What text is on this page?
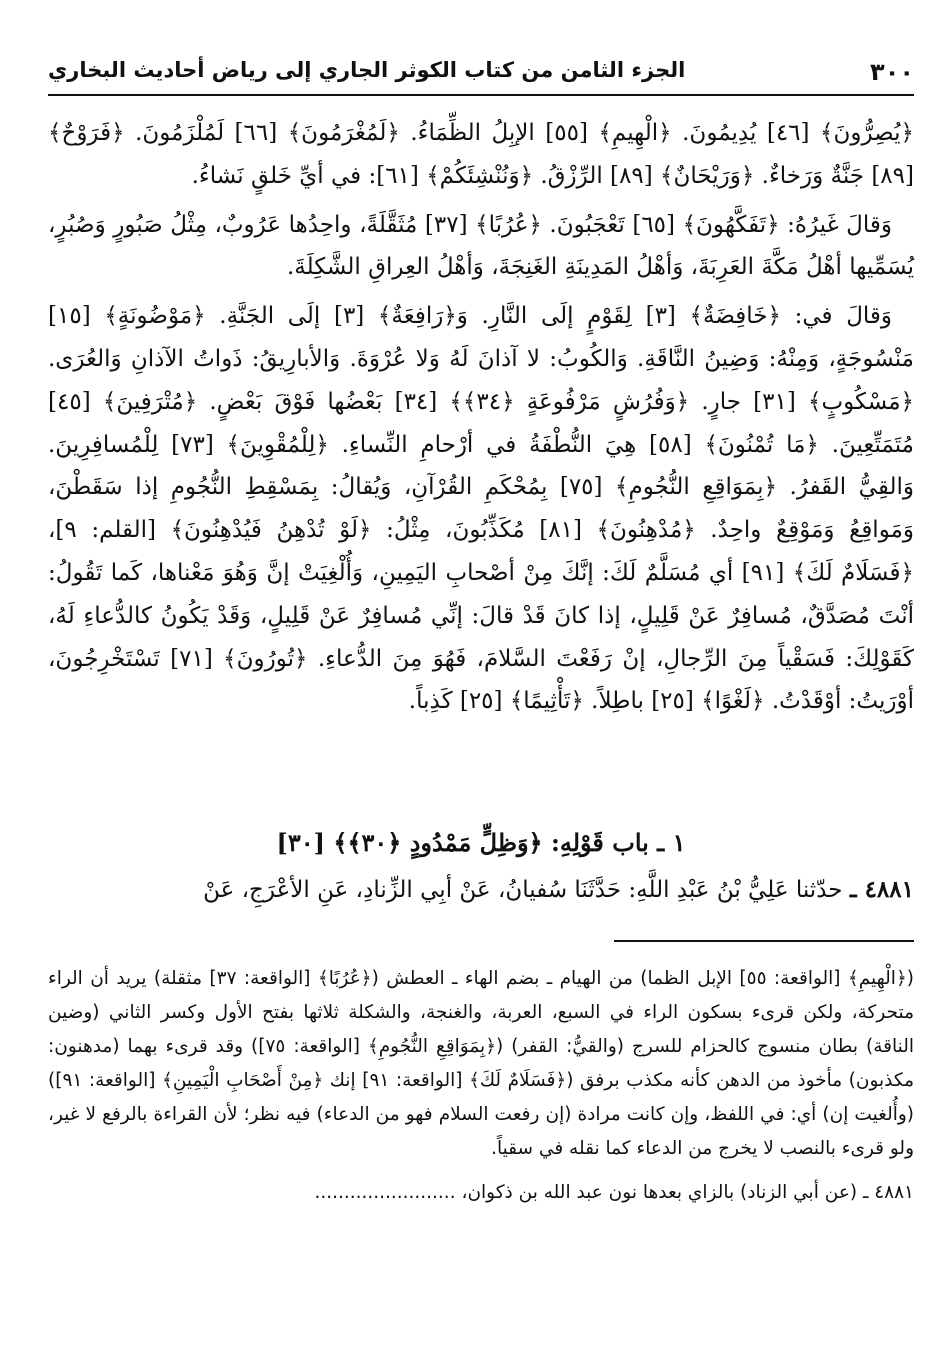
٣٠٠
الجزء الثامن من كتاب الكوثر الجاري إلى رياض أحاديث البخاري

﴿يُصِرُّونَ﴾ [٤٦] يُدِيمُونَ. ﴿الْهِيمِ﴾ [٥٥] الإبِلُ الظِّمَاءُ. ﴿لَمُغْرَمُونَ﴾ [٦٦] لَمُلْزَمُونَ. ﴿فَرَوْحٌ﴾ [٨٩] جَنَّةٌ وَرَخاءٌ. ﴿وَرَيْحَانٌ﴾ [٨٩] الرِّزْقُ. ﴿وَنُنْشِئَكُمْ﴾ [٦١]: في أيِّ خَلقٍ نَشاءُ.

وَقالَ غَيرُهُ: ﴿تَفَكَّهُونَ﴾ [٦٥] تَعْجَبُونَ. ﴿عُرُبًا﴾ [٣٧] مُثَقَّلَةً، واحِدُها عَرُوبٌ، مِثْلُ صَبُورٍ وَصُبُرٍ، يُسَمِّيها أهْلُ مَكَّةَ العَرِبَةَ، وَأهْلُ المَدِينَةِ الغَنِجَةَ، وَأهْلُ العِراقِ الشَّكِلَةَ.

وَقالَ في: ﴿خَافِضَةٌ﴾ [٣] لِقَوْمٍ إلَى النَّارِ. وَ﴿رَافِعَةٌ﴾ [٣] إلَى الجَنَّةِ. ﴿مَوْضُونَةٍ﴾ [١٥] مَنْسُوجَةٍ، وَمِنْهُ: وَضِينُ النَّاقَةِ. وَالكُوبُ: لا آذانَ لَهُ وَلا عُرْوَةَ. وَالأبارِيقُ: ذَواتُ الآذانِ وَالعُرَى. ﴿مَسْكُوبٍ﴾ [٣١] جارٍ. ﴿وَفُرُشٍ مَرْفُوعَةٍ ﴿٣٤﴾﴾ [٣٤] بَعْضُها فَوْقَ بَعْضٍ. ﴿مُتْرَفِينَ﴾ [٤٥] مُتَمَتِّعِينَ. ﴿مَا تُمْنُونَ﴾ [٥٨] هِيَ النُّطْفَةُ في أرْحامِ النِّساءِ. ﴿لِلْمُقْوِينَ﴾ [٧٣] لِلْمُسافِرِينَ. وَالقِيُّ القَفرُ. ﴿بِمَوَاقِعِ النُّجُومِ﴾ [٧٥] بِمُحْكَمِ القُرْآنِ، وَيُقالُ: بِمَسْقِطِ النُّجُومِ إذا سَقَطْنَ، وَمَواقِعُ وَمَوْقِعٌ واحِدٌ. ﴿مُدْهِنُونَ﴾ [٨١] مُكَذِّبُونَ، مِثْلُ: ﴿لَوْ تُدْهِنُ فَيُدْهِنُونَ﴾ [القلم: ٩]، ﴿فَسَلَامٌ لَكَ﴾ [٩١] أي مُسَلَّمٌ لَكَ: إنَّكَ مِنْ أصْحابِ اليَمِينِ، وَأُلْغِيَتْ إنَّ وَهُوَ مَعْناها، كَما تَقُولُ: أنْتَ مُصَدَّقٌ، مُسافِرٌ عَنْ قَلِيلٍ، إذا كانَ قَدْ قالَ: إنِّي مُسافِرٌ عَنْ قَلِيلٍ، وَقَدْ يَكُونُ كالدُّعاءِ لَهُ، كَقَوْلِكَ: فَسَقْياً مِنَ الرِّجالِ، إنْ رَفَعْتَ السَّلامَ، فَهُوَ مِنَ الدُّعاءِ. ﴿تُورُونَ﴾ [٧١] تَسْتَخْرِجُونَ، أوْرَيتُ: أوْقَدْتُ. ﴿لَغْوًا﴾ [٢٥] باطِلاً. ﴿تَأْثِيمًا﴾ [٢٥] كَذِباً.

١ ـ باب قَوْلِهِ: ﴿وَظِلٍّ مَمْدُودٍ ﴿٣٠﴾﴾ [٣٠]
٤٨٨١ ـ حدّثنا عَلِيُّ بْنُ عَبْدِ اللَّهِ: حَدَّثَنَا سُفيانُ، عَنْ أبِي الزِّنادِ، عَنِ الأعْرَجِ، عَنْ

(﴿الْهِيمِ﴾ [الواقعة: ٥٥] الإبل الظما) من الهيام ـ بضم الهاء ـ العطش (﴿عُرُبًا﴾ [الواقعة: ٣٧] مثقلة) يريد أن الراء متحركة، ولكن قرىء بسكون الراء في السبع، العربة، والغنجة، والشكلة ثلاثها بفتح الأول وكسر الثاني (وضين الناقة) بطان منسوج كالحزام للسرج (والقيُّ: القفر) (﴿بِمَوَاقِعِ النُّجُومِ﴾ [الواقعة: ٧٥]) وقد قرىء بهما (مدهنون: مكذبون) مأخوذ من الدهن كأنه مكذب برفق (﴿فَسَلَامٌ لَكَ﴾ [الواقعة: ٩١] إنك ﴿مِنْ أَصْحَابِ الْيَمِينِ﴾ [الواقعة: ٩١]) (وأُلغيت إن) أي: في اللفظ، وإن كانت مرادة (إن رفعت السلام فهو من الدعاء) فيه نظر؛ لأن القراءة بالرفع لا غير، ولو قرىء بالنصب لا يخرج من الدعاء كما نقله في سقياً.

٤٨٨١ ـ (عن أبي الزناد) بالزاي بعدها نون عبد الله بن ذكوان، ........................
